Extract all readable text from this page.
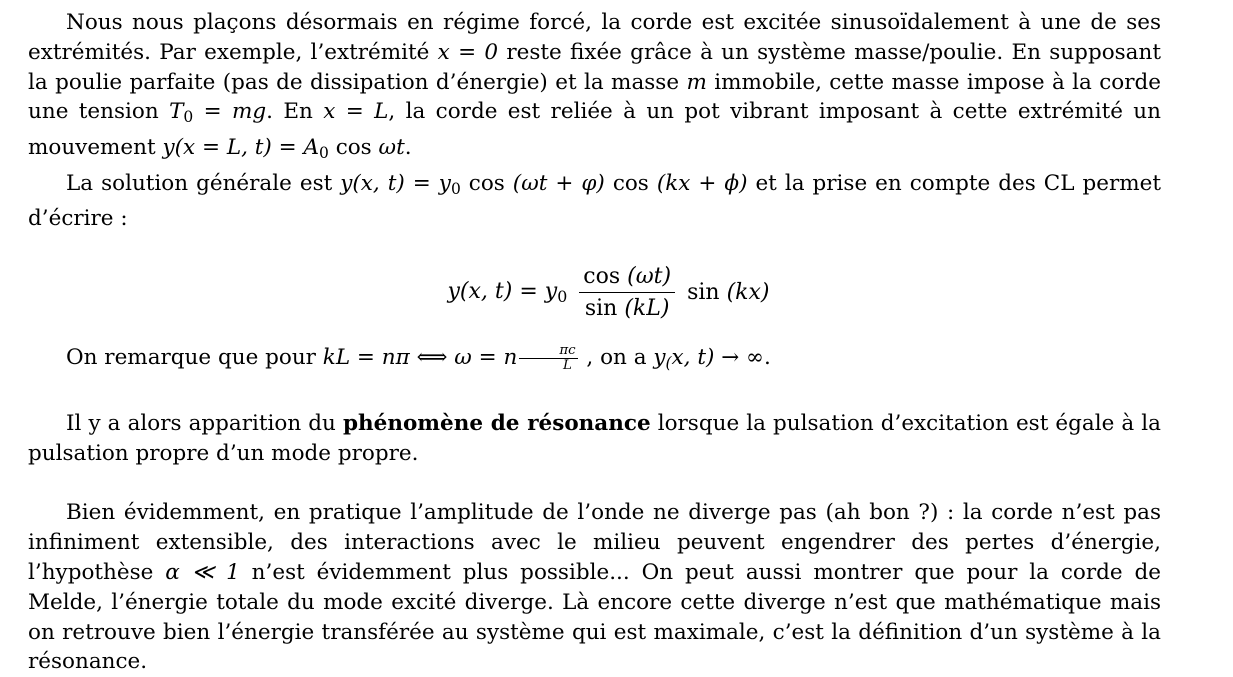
Nous nous plaçons désormais en régime forcé, la corde est excitée sinusoïdalement à une de ses extrémités. Par exemple, l’extrémité x = 0 reste fixée grâce à un système masse/poulie. En supposant la poulie parfaite (pas de dissipation d’énergie) et la masse m immobile, cette masse impose à la corde une tension $T_0$ = mg. En x = L, la corde est reliée à un pot vibrant imposant à cette extrémité un mouvement y(x = L, $t) = A_0$ cos ωt.

La solution générale est y(x, $t) = y_0$ cos (ωt + φ) cos (kx + ϕ) et la prise en compte des CL permet d’écrire :

y(x, $t) = y_0 \frac{\cos (\omega t)}{\sin (kL)}$ sin (kx)

On remarque que pour kL = nπ ⟺ ω = n $\frac{\pi c}{L}$ , on a $y_(x$, t) → ∞.

Il y a alors apparition du phénomène de résonance lorsque la pulsation d’excitation est égale à la pulsation propre d’un mode propre.

Bien évidemment, en pratique l’amplitude de l’onde ne diverge pas (ah bon ?) : la corde n’est pas infiniment extensible, des interactions avec le milieu peuvent engendrer des pertes d’énergie, l’hypothèse α ≪ 1 n’est évidemment plus possible... On peut aussi montrer que pour la corde de Melde, l’énergie totale du mode excité diverge. Là encore cette diverge n’est que mathématique mais on retrouve bien l’énergie transférée au système qui est maximale, c’est la définition d’un système à la résonance.
